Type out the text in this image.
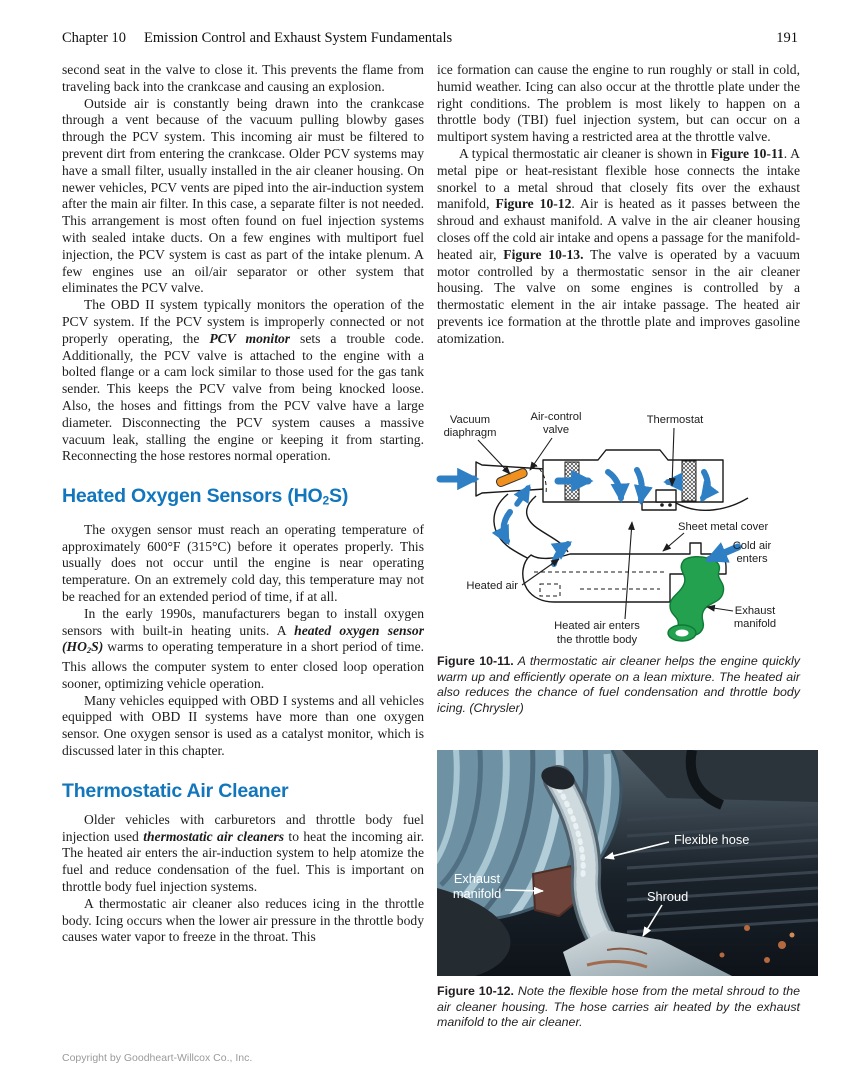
Chapter 10 Emission Control and Exhaust System Fundamentals	191

second seat in the valve to close it. This prevents the flame from traveling back into the crankcase and causing an explosion.

Outside air is constantly being drawn into the crankcase through a vent because of the vacuum pulling blowby gases through the PCV system. This incoming air must be filtered to prevent dirt from entering the crankcase. Older PCV systems may have a small filter, usually installed in the air cleaner housing. On newer vehicles, PCV vents are piped into the air-induction system after the main air filter. In this case, a separate filter is not needed. This arrangement is most often found on fuel injection systems with sealed intake ducts. On a few engines with multiport fuel injection, the PCV system is cast as part of the intake plenum. A few engines use an oil/air separator or other system that eliminates the PCV valve.

The OBD II system typically monitors the operation of the PCV system. If the PCV system is improperly connected or not properly operating, the PCV monitor sets a trouble code. Additionally, the PCV valve is attached to the engine with a bolted flange or a cam lock similar to those used for the gas tank sender. This keeps the PCV valve from being knocked loose. Also, the hoses and fittings from the PCV valve have a large diameter. Disconnecting the PCV system causes a massive vacuum leak, stalling the engine or keeping it from starting. Reconnecting the hose restores normal operation.

Heated Oxygen Sensors (HO2S)

The oxygen sensor must reach an operating temperature of approximately 600°F (315°C) before it operates properly. This usually does not occur until the engine is near operating temperature. On an extremely cold day, this temperature may not be reached for an extended period of time, if at all.

In the early 1990s, manufacturers began to install oxygen sensors with built-in heating units. A heated oxygen sensor (HO2S) warms to operating temperature in a short period of time. This allows the computer system to enter closed loop operation sooner, optimizing vehicle operation.

Many vehicles equipped with OBD I systems and all vehicles equipped with OBD II systems have more than one oxygen sensor. One oxygen sensor is used as a catalyst monitor, which is discussed later in this chapter.

Thermostatic Air Cleaner

Older vehicles with carburetors and throttle body fuel injection used thermostatic air cleaners to heat the incoming air. The heated air enters the air-induction system to help atomize the fuel and reduce condensation of the fuel. This is important on throttle body fuel injection systems.

A thermostatic air cleaner also reduces icing in the throttle body. Icing occurs when the lower air pressure in the throttle body causes water vapor to freeze in the throat. This

ice formation can cause the engine to run roughly or stall in cold, humid weather. Icing can also occur at the throttle plate under the right conditions. The problem is most likely to happen on a throttle body (TBI) fuel injection system, but can occur on a multiport system having a restricted area at the throttle valve.

A typical thermostatic air cleaner is shown in Figure 10-11. A metal pipe or heat-resistant flexible hose connects the intake snorkel to a metal shroud that closely fits over the exhaust manifold, Figure 10-12. Air is heated as it passes between the shroud and exhaust manifold. A valve in the air cleaner housing closes off the cold air intake and opens a passage for the manifold-heated air, Figure 10-13. The valve is operated by a vacuum motor controlled by a thermostatic sensor in the air cleaner housing. The valve on some engines is controlled by a thermostatic element in the air intake passage. The heated air prevents ice formation at the throttle plate and improves gasoline atomization.

Vacuum
diaphragm
Air-control
valve
Thermostat
Sheet metal cover
Cold air
enters
Heated air
Heated air enters
the throttle body
Exhaust
manifold
Figure 10-11. A thermostatic air cleaner helps the engine quickly warm up and efficiently operate on a lean mixture. The heated air also reduces the chance of fuel condensation and throttle body icing. (Chrysler)
Flexible hose
Exhaust
manifold	Shroud
Figure 10-12. Note the flexible hose from the metal shroud to the air cleaner housing. The hose carries air heated by the exhaust manifold to the air cleaner.
Copyright by Goodheart-Willcox Co., Inc.
